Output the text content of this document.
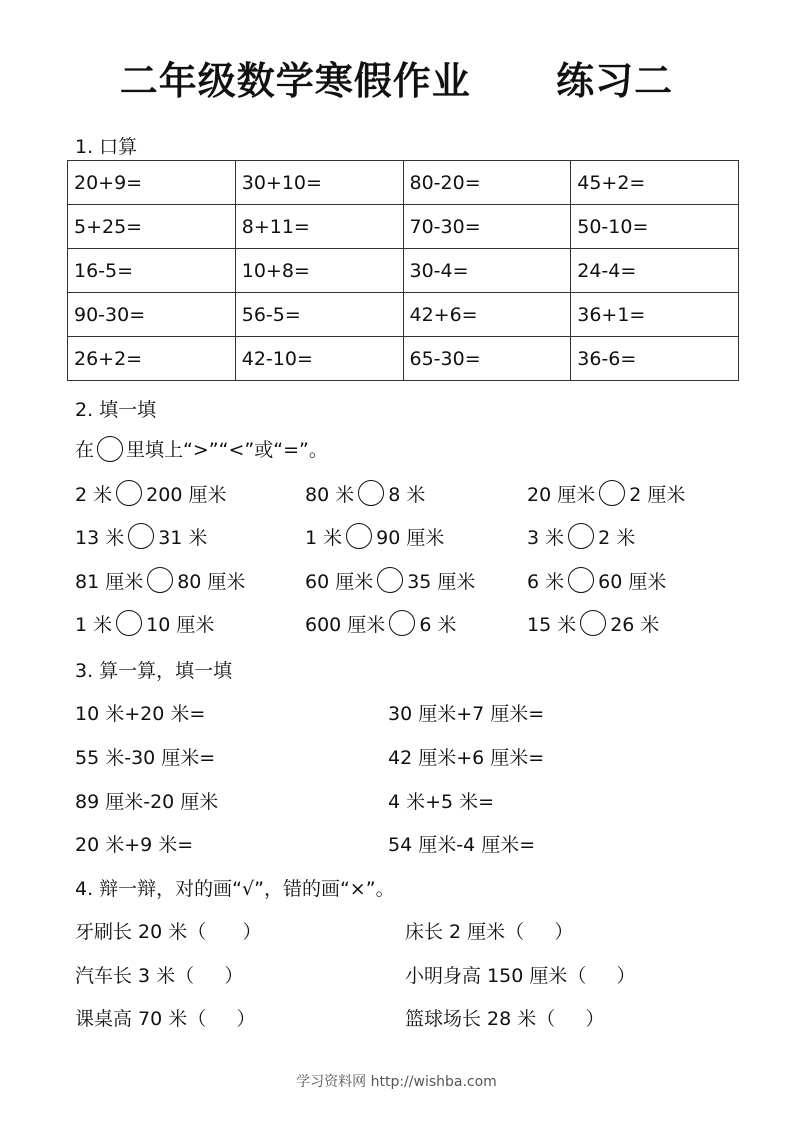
二年级数学寒假作业      练习二
1. 口算
20+9=	30+10=	80-20=	45+2=
5+25=	8+11=	70-30=	50-10=
16-5=	10+8=	30-4=	24-4=
90-30=	56-5=	42+6=	36+1=
26+2=	42-10=	65-30=	36-6=
2. 填一填
在 里填上“>”“<”或“=”。
2 米 200 厘米	80 米 8 米	20 厘米 2 厘米
13 米 31 米	1 米 90 厘米	3 米 2 米
81 厘米 80 厘米	60 厘米 35 厘米	6 米 60 厘米
1 米 10 厘米	600 厘米 6 米	15 米 26 米
3. 算一算，填一填
10 米+20 米=	30 厘米+7 厘米=
55 米-30 厘米=	42 厘米+6 厘米=
89 厘米-20 厘米	4 米+5 米=
20 米+9 米=	54 厘米-4 厘米=
4. 辩一辩，对的画“√”，错的画“×”。
牙刷长 20 米（      ）	床长 2 厘米（     ）
汽车长 3 米（     ）	小明身高 150 厘米（     ）
课桌高 70 米（     ）	篮球场长 28 米（     ）
学习资料网 http://wishba.com
